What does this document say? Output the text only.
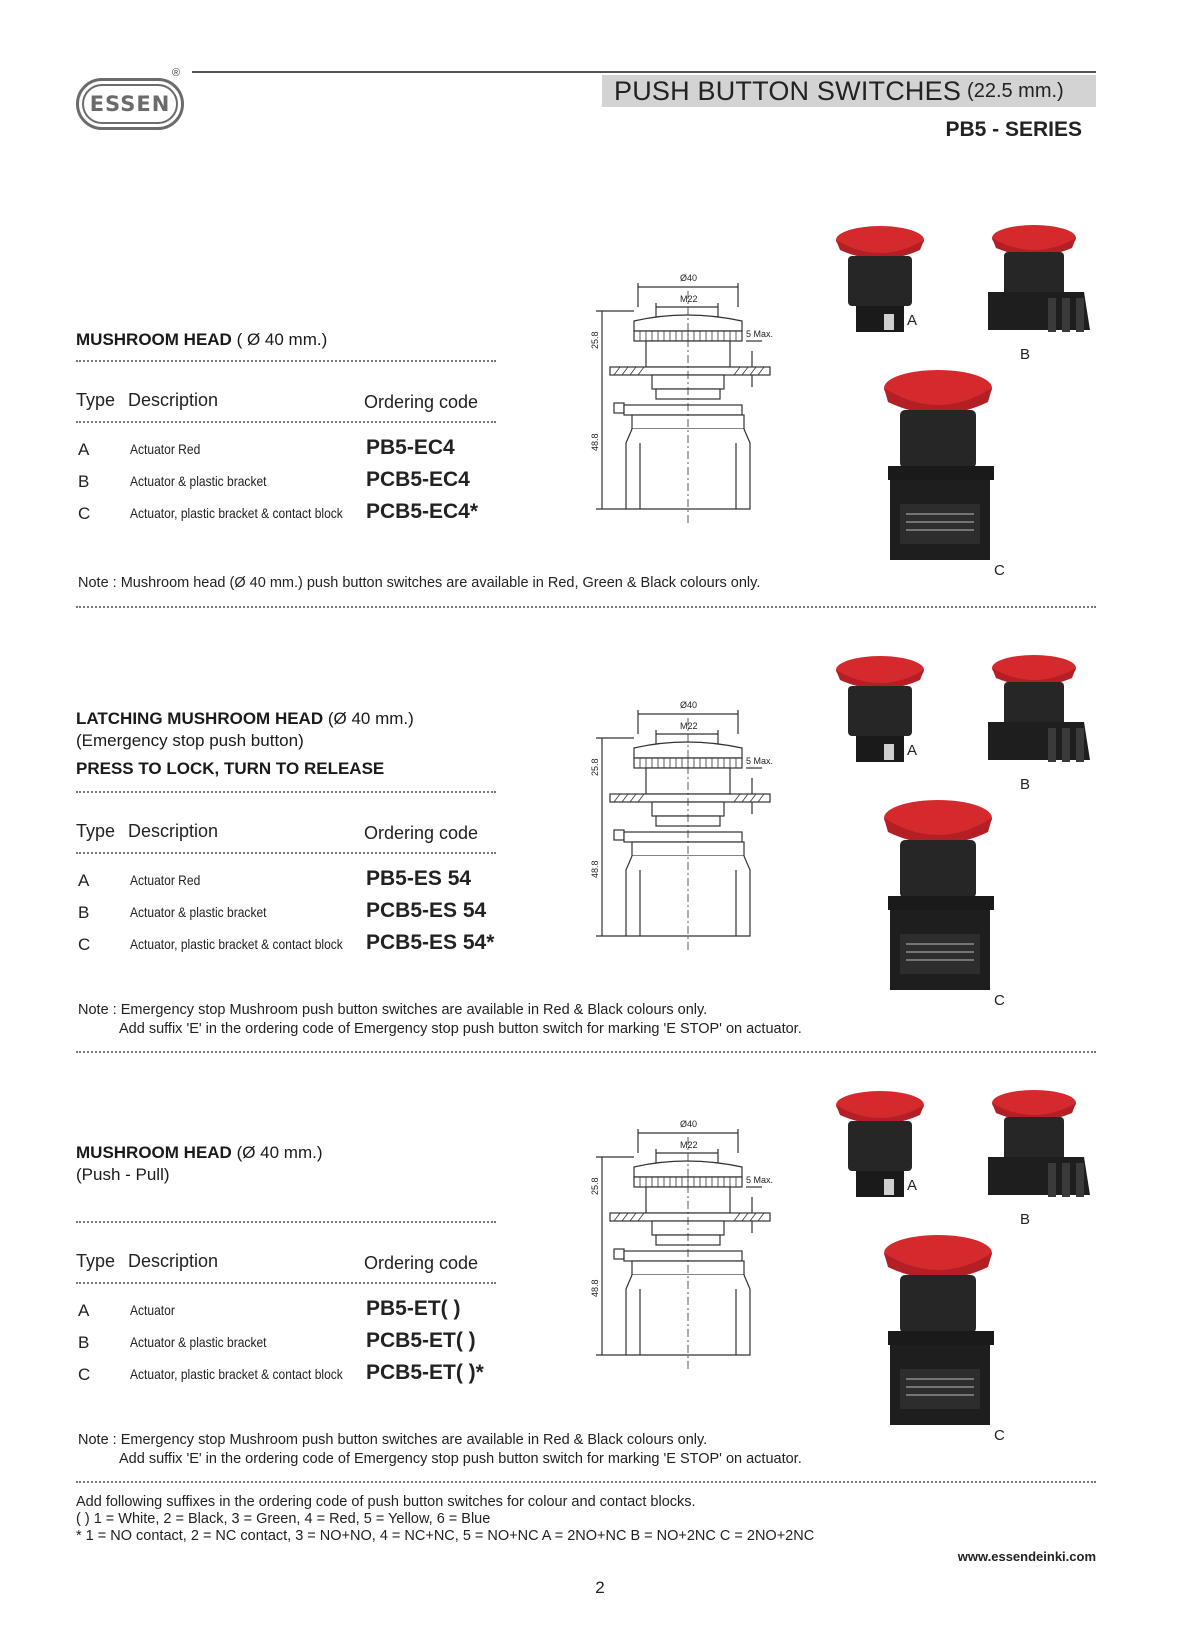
ESSEN
®
PUSH BUTTON SWITCHES (22.5 mm.)
PB5 - SERIES
MUSHROOM HEAD ( Ø 40 mm.)
Type Description	Ordering code
A	Actuator Red	PB5-EC4
B	Actuator & plastic bracket	PCB5-EC4
C	Actuator, plastic bracket & contact block PCB5-EC4*
Ø40
M22
5 Max.
25.8
48.8
A
B
C
Note : Mushroom head (Ø 40 mm.) push button switches are available in Red, Green & Black colours only.
LATCHING MUSHROOM HEAD (Ø 40 mm.)
(Emergency stop push button)
PRESS TO LOCK, TURN TO RELEASE
Type Description	Ordering code
A	Actuator Red	PB5-ES 54
B	Actuator & plastic bracket	PCB5-ES 54
C	Actuator, plastic bracket & contact block PCB5-ES 54*
Ø40
M22
5 Max.
25.8
48.8
A
B
C
Note : Emergency stop Mushroom push button switches are available in Red & Black colours only.
Add suffix 'E' in the ordering code of Emergency stop push button switch for marking 'E STOP' on actuator.
MUSHROOM HEAD (Ø 40 mm.)
(Push - Pull)
Type Description	Ordering code
A	Actuator	PB5-ET( )
B	Actuator & plastic bracket	PCB5-ET( )
C	Actuator, plastic bracket & contact block PCB5-ET( )*
Ø40
M22
5 Max.
25.8
48.8
A
B
C
Note : Emergency stop Mushroom push button switches are available in Red & Black colours only.
Add suffix 'E' in the ordering code of Emergency stop push button switch for marking 'E STOP' on actuator.
Add following suffixes in the ordering code of push button switches for colour and contact blocks.
( ) 1 = White, 2 = Black, 3 = Green, 4 = Red, 5 = Yellow, 6 = Blue
* 1 = NO contact, 2 = NC contact, 3 = NO+NO, 4 = NC+NC, 5 = NO+NC A = 2NO+NC B = NO+2NC C = 2NO+2NC
www.essendeinki.com
2
